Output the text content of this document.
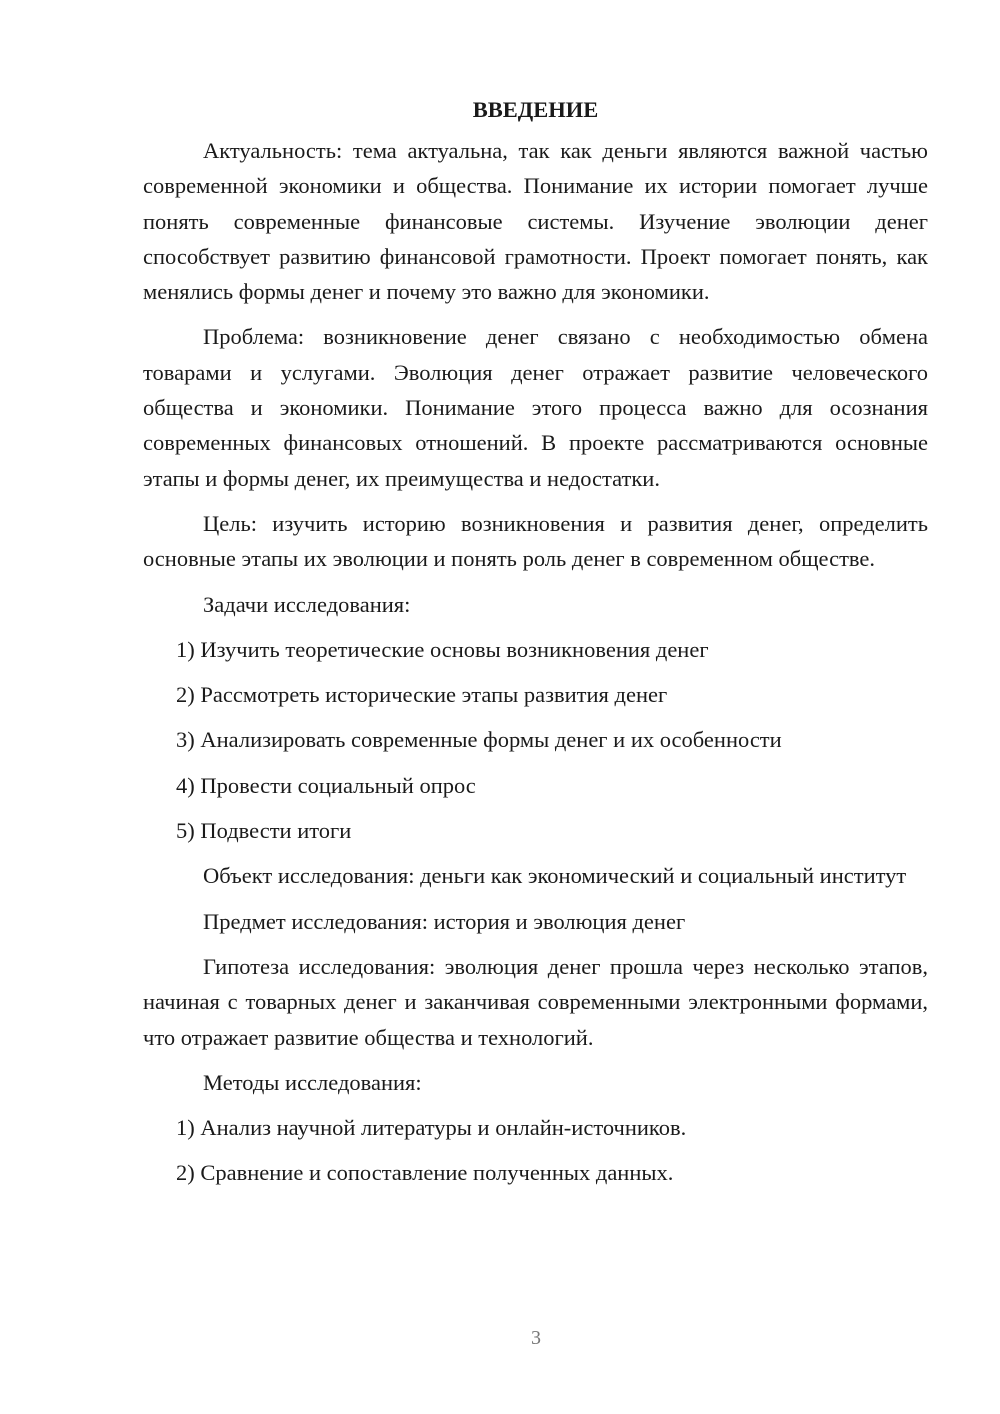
ВВЕДЕНИЕ

Актуальность: тема актуальна, так как деньги являются важной частью современной экономики и общества. Понимание их истории помогает лучше понять современные финансовые системы. Изучение эволюции денег способствует развитию финансовой грамотности. Проект помогает понять, как менялись формы денег и почему это важно для экономики.

Проблема: возникновение денег связано с необходимостью обмена товарами и услугами. Эволюция денег отражает развитие человеческого общества и экономики. Понимание этого процесса важно для осознания современных финансовых отношений. В проекте рассматриваются основные этапы и формы денег, их преимущества и недостатки.

Цель: изучить историю возникновения и развития денег, определить основные этапы их эволюции и понять роль денег в современном обществе.

Задачи исследования:
1) Изучить теоретические основы возникновения денег
2) Рассмотреть исторические этапы развития денег
3) Анализировать современные формы денег и их особенности
4) Провести социальный опрос
5) Подвести итоги

Объект исследования: деньги как экономический и социальный институт

Предмет исследования: история и эволюция денег

Гипотеза исследования: эволюция денег прошла через несколько этапов, начиная с товарных денег и заканчивая современными электронными формами, что отражает развитие общества и технологий.

Методы исследования:
1) Анализ научной литературы и онлайн-источников.
2) Сравнение и сопоставление полученных данных.
3
